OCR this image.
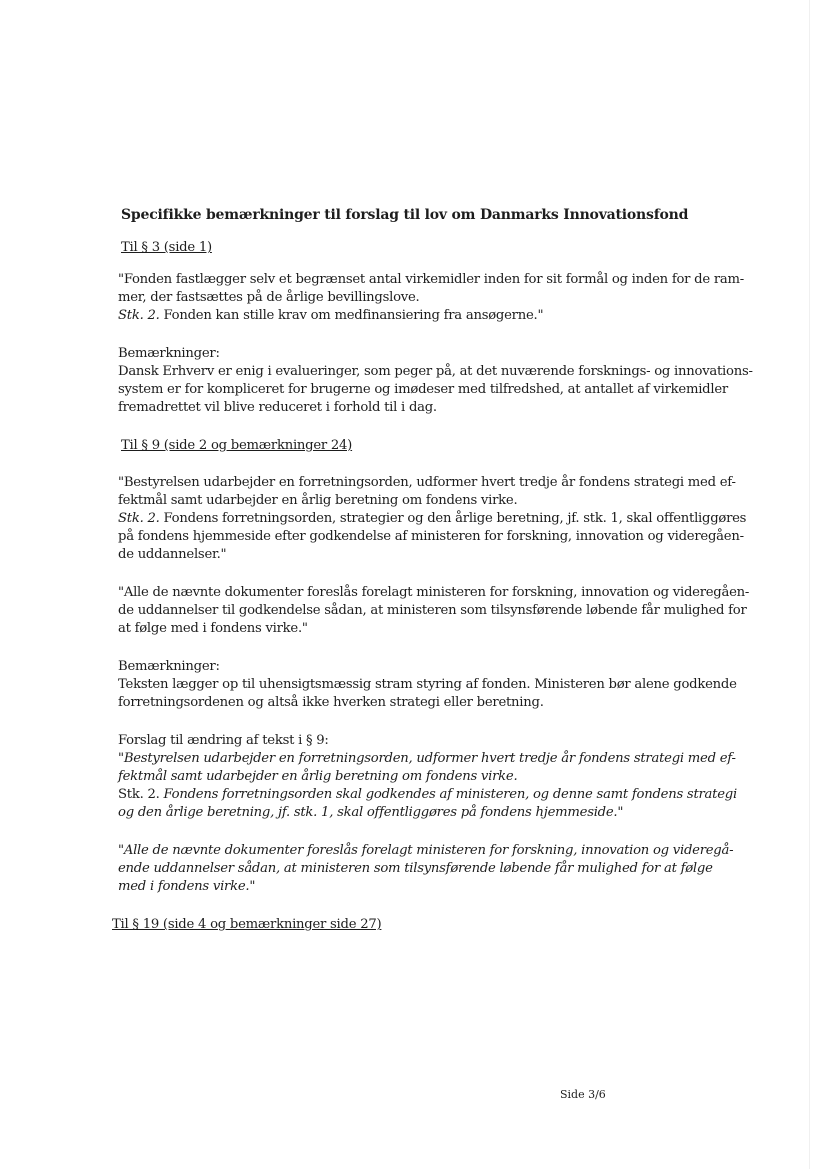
Specifikke bemærkninger til forslag til lov om Danmarks Innovationsfond
Til § 3 (side 1)
"Fonden fastlægger selv et begrænset antal virkemidler inden for sit formål og inden for de ram-
mer, der fastsættes på de årlige bevillingslove.
Stk. 2. Fonden kan stille krav om medfinansiering fra ansøgerne."
Bemærkninger:
Dansk Erhverv er enig i evalueringer, som peger på, at det nuværende forsknings- og innovations-
system er for kompliceret for brugerne og imødeser med tilfredshed, at antallet af virkemidler
fremadrettet vil blive reduceret i forhold til i dag.
Til § 9 (side 2 og bemærkninger 24)
"Bestyrelsen udarbejder en forretningsorden, udformer hvert tredje år fondens strategi med ef-
fektmål samt udarbejder en årlig beretning om fondens virke.
Stk. 2. Fondens forretningsorden, strategier og den årlige beretning, jf. stk. 1, skal offentliggøres
på fondens hjemmeside efter godkendelse af ministeren for forskning, innovation og videregåen-
de uddannelser."
"Alle de nævnte dokumenter foreslås forelagt ministeren for forskning, innovation og videregåen-
de uddannelser til godkendelse sådan, at ministeren som tilsynsførende løbende får mulighed for
at følge med i fondens virke."
Bemærkninger:
Teksten lægger op til uhensigtsmæssig stram styring af fonden. Ministeren bør alene godkende
forretningsordenen og altså ikke hverken strategi eller beretning.
Forslag til ændring af tekst i § 9:
"Bestyrelsen udarbejder en forretningsorden, udformer hvert tredje år fondens strategi med ef-
fektmål samt udarbejder en årlig beretning om fondens virke.
Stk. 2. Fondens forretningsorden skal godkendes af ministeren, og denne samt fondens strategi
og den årlige beretning, jf. stk. 1, skal offentliggøres på fondens hjemmeside."
"Alle de nævnte dokumenter foreslås forelagt ministeren for forskning, innovation og videregå-
ende uddannelser sådan, at ministeren som tilsynsførende løbende får mulighed for at følge
med i fondens virke."
Til § 19 (side 4 og bemærkninger side 27)
Side 3/6
